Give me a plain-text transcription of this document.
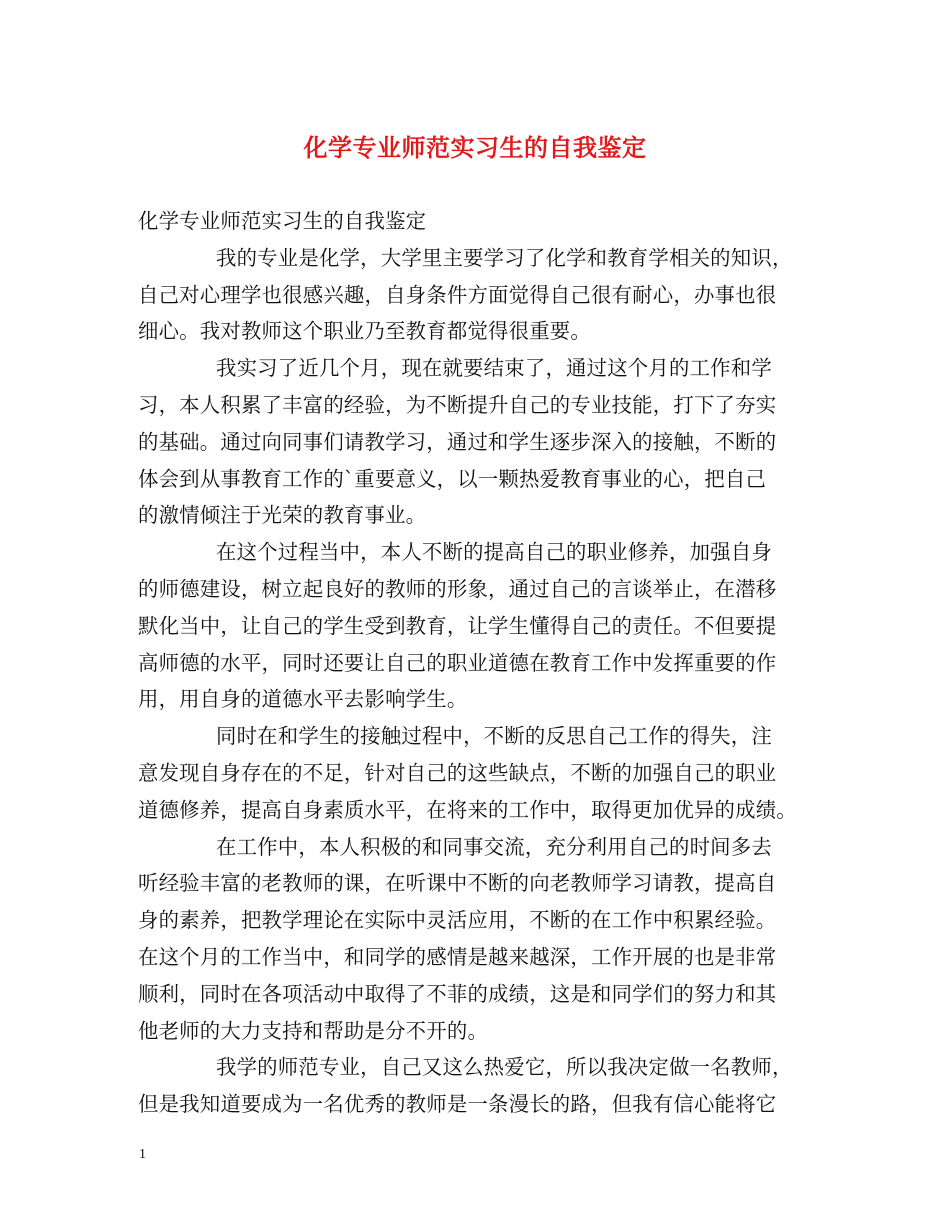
化学专业师范实习生的自我鉴定
化学专业师范实习生的自我鉴定
我的专业是化学，大学里主要学习了化学和教育学相关的知识，
自己对心理学也很感兴趣，自身条件方面觉得自己很有耐心，办事也很
细心。我对教师这个职业乃至教育都觉得很重要。
我实习了近几个月，现在就要结束了，通过这个月的工作和学
习，本人积累了丰富的经验，为不断提升自己的专业技能，打下了夯实
的基础。通过向同事们请教学习，通过和学生逐步深入的接触，不断的
体会到从事教育工作的`重要意义，以一颗热爱教育事业的心，把自己
的激情倾注于光荣的教育事业。
在这个过程当中，本人不断的提高自己的职业修养，加强自身
的师德建设，树立起良好的教师的形象，通过自己的言谈举止，在潜移
默化当中，让自己的学生受到教育，让学生懂得自己的责任。不但要提
高师德的水平，同时还要让自己的职业道德在教育工作中发挥重要的作
用，用自身的道德水平去影响学生。
同时在和学生的接触过程中，不断的反思自己工作的得失，注
意发现自身存在的不足，针对自己的这些缺点，不断的加强自己的职业
道德修养，提高自身素质水平，在将来的工作中，取得更加优异的成绩。
在工作中，本人积极的和同事交流，充分利用自己的时间多去
听经验丰富的老教师的课，在听课中不断的向老教师学习请教，提高自
身的素养，把教学理论在实际中灵活应用，不断的在工作中积累经验。
在这个月的工作当中，和同学的感情是越来越深，工作开展的也是非常
顺利，同时在各项活动中取得了不菲的成绩，这是和同学们的努力和其
他老师的大力支持和帮助是分不开的。
我学的师范专业，自己又这么热爱它，所以我决定做一名教师，
但是我知道要成为一名优秀的教师是一条漫长的路，但我有信心能将它
1
